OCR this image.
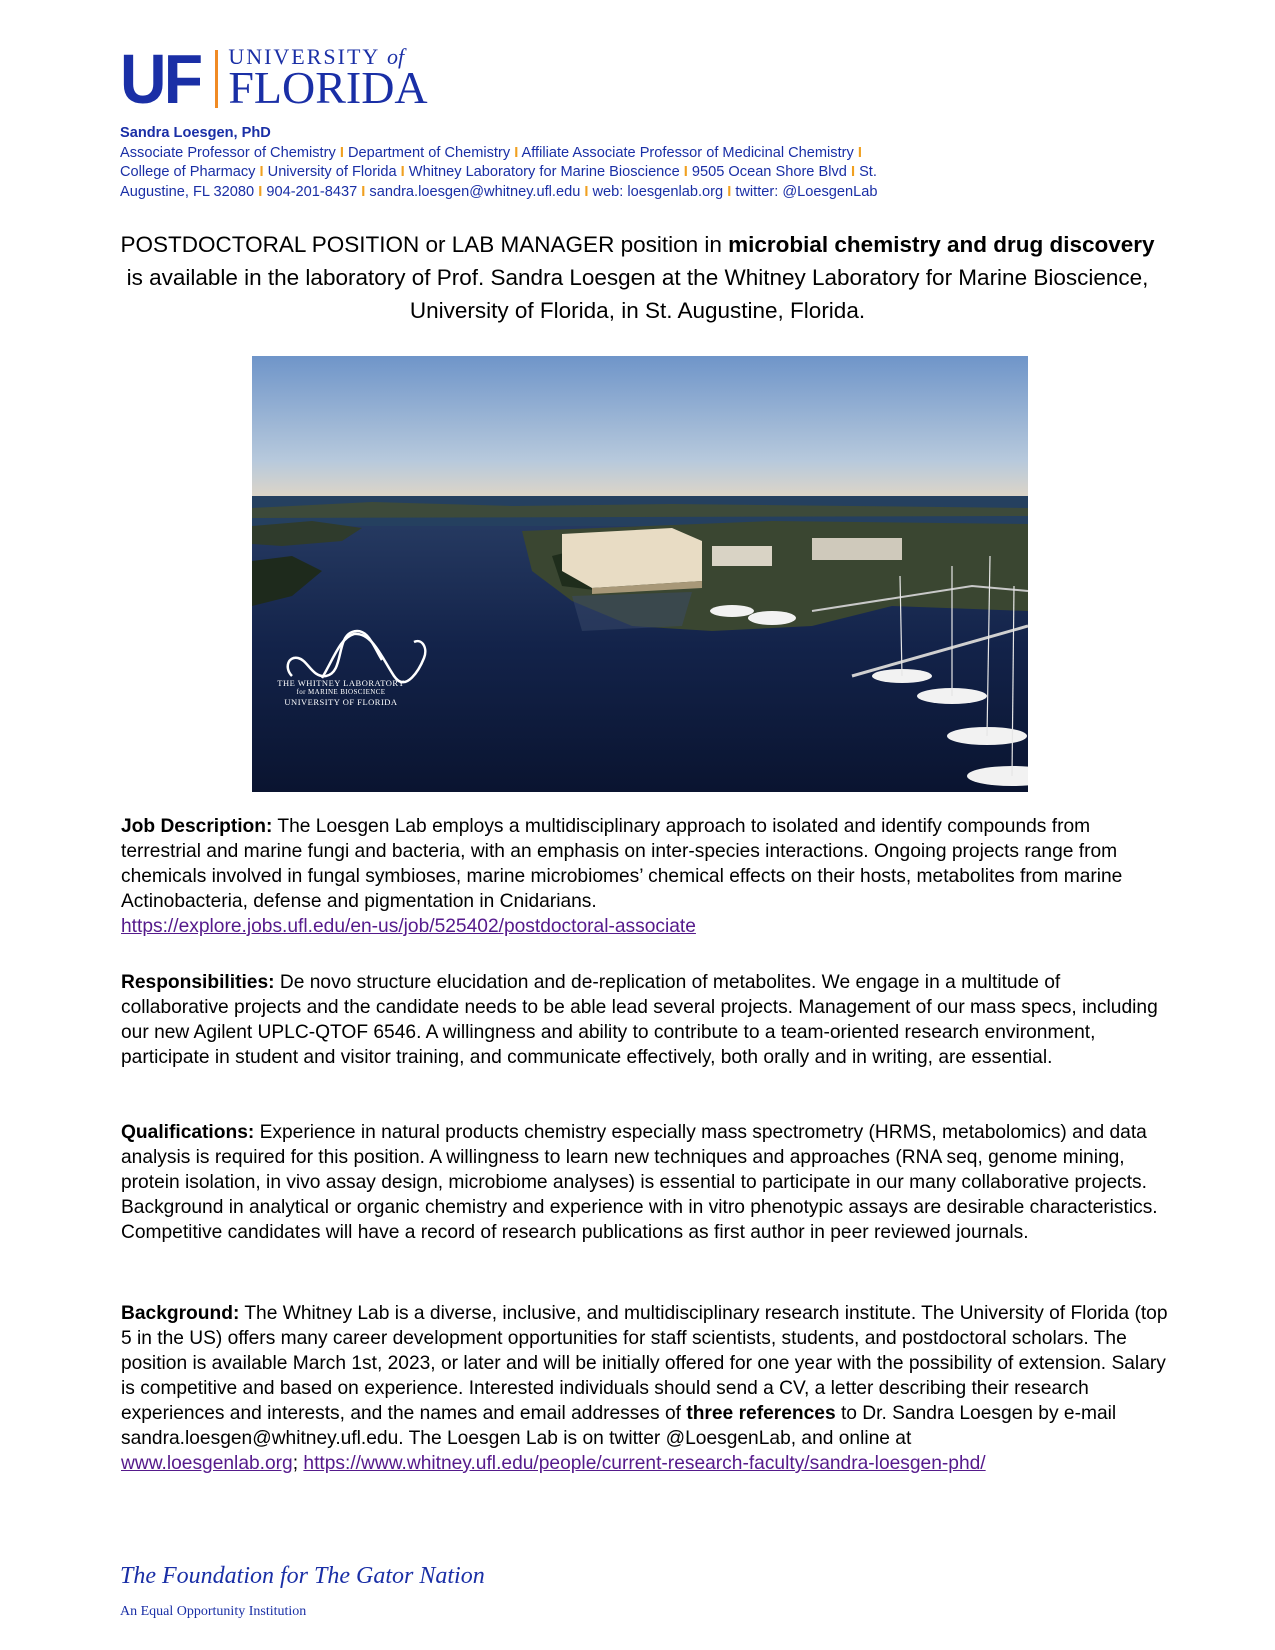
UF UNIVERSITY of
FLORIDA
Sandra Loesgen, PhD
Associate Professor of Chemistry I Department of Chemistry I Affiliate Associate Professor of Medicinal Chemistry I
College of Pharmacy I University of Florida I Whitney Laboratory for Marine Bioscience I 9505 Ocean Shore Blvd I St.
Augustine, FL 32080 I 904-201-8437 I sandra.loesgen@whitney.ufl.edu I web: loesgenlab.org I twitter: @LoesgenLab
POSTDOCTORAL POSITION or LAB MANAGER position in microbial chemistry and drug discovery is available in the laboratory of Prof. Sandra Loesgen at the Whitney Laboratory for Marine Bioscience, University of Florida, in St. Augustine, Florida.
THE WHITNEY LABORATORY
for MARINE BIOSCIENCE
UNIVERSITY OF FLORIDA
Job Description: The Loesgen Lab employs a multidisciplinary approach to isolated and identify compounds from terrestrial and marine fungi and bacteria, with an emphasis on inter-species interactions. Ongoing projects range from chemicals involved in fungal symbioses, marine microbiomes’ chemical effects on their hosts, metabolites from marine Actinobacteria, defense and pigmentation in Cnidarians.
https://explore.jobs.ufl.edu/en-us/job/525402/postdoctoral-associate
Responsibilities: De novo structure elucidation and de-replication of metabolites. We engage in a multitude of collaborative projects and the candidate needs to be able lead several projects. Management of our mass specs, including our new Agilent UPLC-QTOF 6546. A willingness and ability to contribute to a team-oriented research environment, participate in student and visitor training, and communicate effectively, both orally and in writing, are essential.
Qualifications: Experience in natural products chemistry especially mass spectrometry (HRMS, metabolomics) and data analysis is required for this position. A willingness to learn new techniques and approaches (RNA seq, genome mining, protein isolation, in vivo assay design, microbiome analyses) is essential to participate in our many collaborative projects. Background in analytical or organic chemistry and experience with in vitro phenotypic assays are desirable characteristics. Competitive candidates will have a record of research publications as first author in peer reviewed journals.
Background: The Whitney Lab is a diverse, inclusive, and multidisciplinary research institute. The University of Florida (top 5 in the US) offers many career development opportunities for staff scientists, students, and postdoctoral scholars. The position is available March 1st, 2023, or later and will be initially offered for one year with the possibility of extension. Salary is competitive and based on experience. Interested individuals should send a CV, a letter describing their research experiences and interests, and the names and email addresses of three references to Dr. Sandra Loesgen by e-mail sandra.loesgen@whitney.ufl.edu. The Loesgen Lab is on twitter @LoesgenLab, and online at
www.loesgenlab.org; https://www.whitney.ufl.edu/people/current-research-faculty/sandra-loesgen-phd/
The Foundation for The Gator Nation
An Equal Opportunity Institution
